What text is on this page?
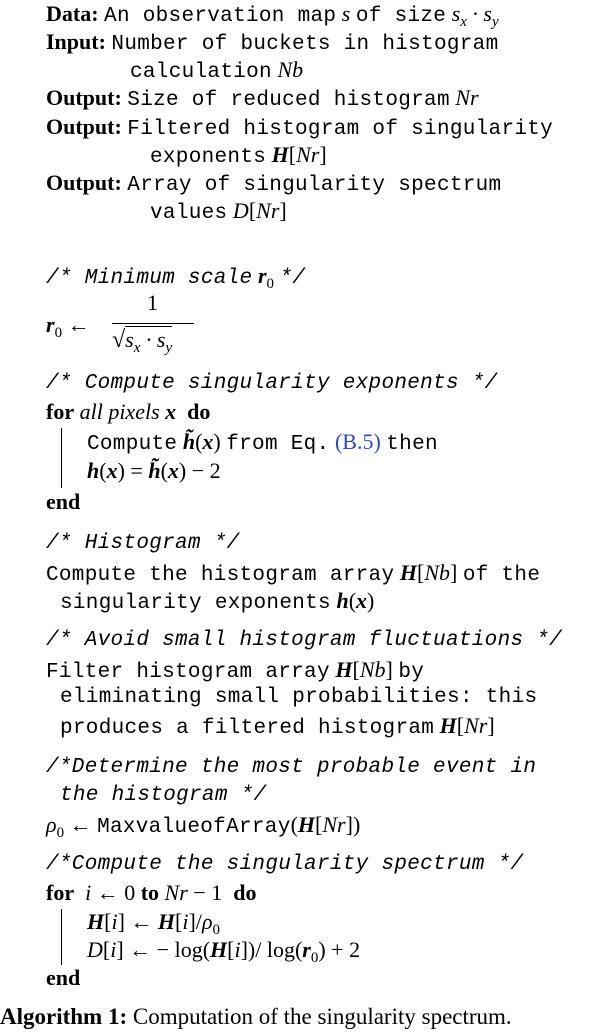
Data: An observation map s of size $s_x \cdot s_y$
Input: Number of buckets in histogram
calculation Nb
Output: Size of reduced histogram Nr
Output: Filtered histogram of singularity
exponents H[Nr]
Output: Array of singularity spectrum
values D[Nr]
/* Minimum scale $r_0$ */
$r_0$ ←
1
$√s_x \cdot s_y$
/* Compute singularity exponents */
for all pixels x do
Compute h̃(x) from Eq. (B.5) then
h(x) = h̃(x) − 2
end
/* Histogram */
Compute the histogram array H[Nb] of the
singularity exponents h(x)
/* Avoid small histogram fluctuations */
Filter histogram array H[Nb] by
eliminating small probabilities: this
produces a filtered histogram H[Nr]
/*Determine the most probable event in
the histogram */
$\rho_0$ ← MaxvalueofArray(H[Nr])
/*Compute the singularity spectrum */
for i ← 0 to Nr − 1  do
H[i] ← $H[i]/\rho_0$
D[i] ← − log(H[i])/ $\log(r_0) + 2$
end
Algorithm 1: Computation of the singularity spectrum.
